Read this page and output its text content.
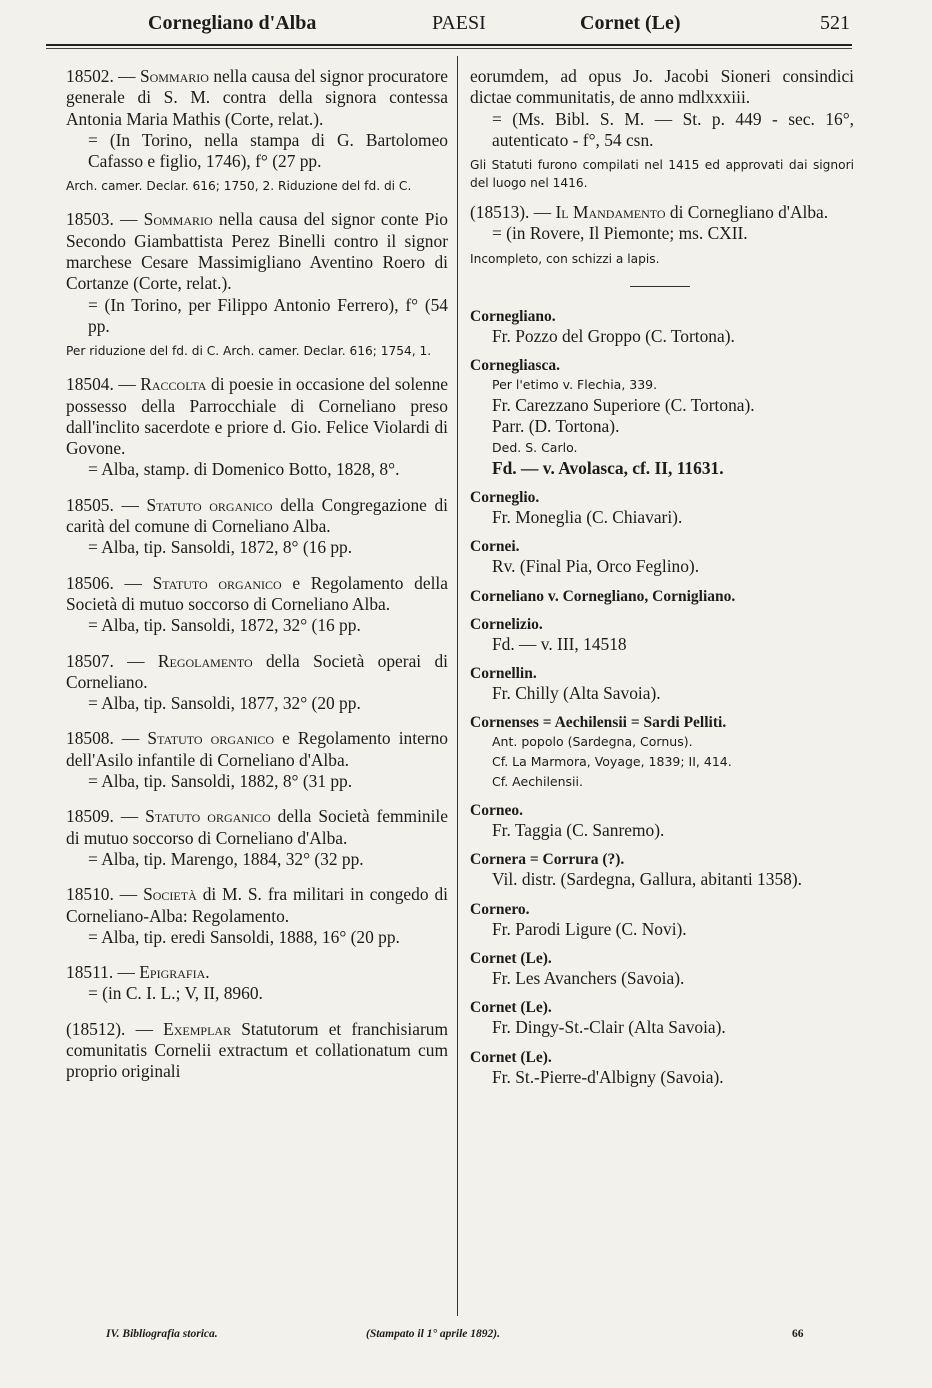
Cornegliano d'Alba	PAESI	Cornet (Le)	521

18502. — Sommario nella causa del signor procuratore generale di S. M. contra della signora contessa Antonia Maria Mathis (Corte, relat.).

= (In Torino, nella stampa di G. Bartolomeo Cafasso e figlio, 1746), f° (27 pp.

Arch. camer. Declar. 616; 1750, 2. Riduzione del fd. di C.

18503. — Sommario nella causa del signor conte Pio Secondo Giambattista Perez Binelli contro il signor marchese Cesare Massimigliano Aventino Roero di Cortanze (Corte, relat.).

= (In Torino, per Filippo Antonio Ferrero), f° (54 pp.

Per riduzione del fd. di C. Arch. camer. Declar. 616; 1754, 1.

18504. — Raccolta di poesie in occasione del solenne possesso della Parrocchiale di Corneliano preso dall'inclito sacerdote e priore d. Gio. Felice Violardi di Govone.

= Alba, stamp. di Domenico Botto, 1828, 8°.

18505. — Statuto organico della Congregazione di carità del comune di Corneliano Alba.

= Alba, tip. Sansoldi, 1872, 8° (16 pp.

18506. — Statuto organico e Regolamento della Società di mutuo soccorso di Corneliano Alba.

= Alba, tip. Sansoldi, 1872, 32° (16 pp.

18507. — Regolamento della Società operai di Corneliano.

= Alba, tip. Sansoldi, 1877, 32° (20 pp.

18508. — Statuto organico e Regolamento interno dell'Asilo infantile di Corneliano d'Alba.

= Alba, tip. Sansoldi, 1882, 8° (31 pp.

18509. — Statuto organico della Società femminile di mutuo soccorso di Corneliano d'Alba.

= Alba, tip. Marengo, 1884, 32° (32 pp.

18510. — Società di M. S. fra militari in congedo di Corneliano-Alba: Regolamento.

= Alba, tip. eredi Sansoldi, 1888, 16° (20 pp.

18511. — Epigrafia.

= (in C. I. L.; V, II, 8960.

(18512). — Exemplar Statutorum et franchisiarum comunitatis Cornelii extractum et collationatum cum proprio originali

eorumdem, ad opus Jo. Jacobi Sioneri consindici dictae communitatis, de anno mdlxxxiii.

= (Ms. Bibl. S. M. — St. p. 449 - sec. 16°, autenticato - f°, 54 csn.

Gli Statuti furono compilati nel 1415 ed approvati dai signori del luogo nel 1416.

(18513). — Il Mandamento di Cornegliano d'Alba.

= (in Rovere, Il Piemonte; ms. CXII.

Incompleto, con schizzi a lapis.

Cornegliano.
Fr. Pozzo del Groppo (C. Tortona).
Cornegliasca.
Per l'etimo v. Flechia, 339.
Fr. Carezzano Superiore (C. Tortona).
Parr. (D. Tortona).
Ded. S. Carlo.
Fd. — v. Avolasca, cf. II, 11631.
Corneglio.
Fr. Moneglia (C. Chiavari).
Cornei.
Rv. (Final Pia, Orco Feglino).
Corneliano v. Cornegliano, Cornigliano.
Cornelizio.
Fd. — v. III, 14518
Cornellin.
Fr. Chilly (Alta Savoia).
Cornenses = Aechilensii = Sardi Pelliti.
Ant. popolo (Sardegna, Cornus).
Cf. La Marmora, Voyage, 1839; II, 414.
Cf. Aechilensii.
Corneo.
Fr. Taggia (C. Sanremo).
Cornera = Corrura (?).
Vil. distr. (Sardegna, Gallura, abitanti 1358).
Cornero.
Fr. Parodi Ligure (C. Novi).
Cornet (Le).
Fr. Les Avanchers (Savoia).
Cornet (Le).
Fr. Dingy-St.-Clair (Alta Savoia).
Cornet (Le).
Fr. St.-Pierre-d'Albigny (Savoia).
IV. Bibliografia storica.	(Stampato il 1° aprile 1892).	66
